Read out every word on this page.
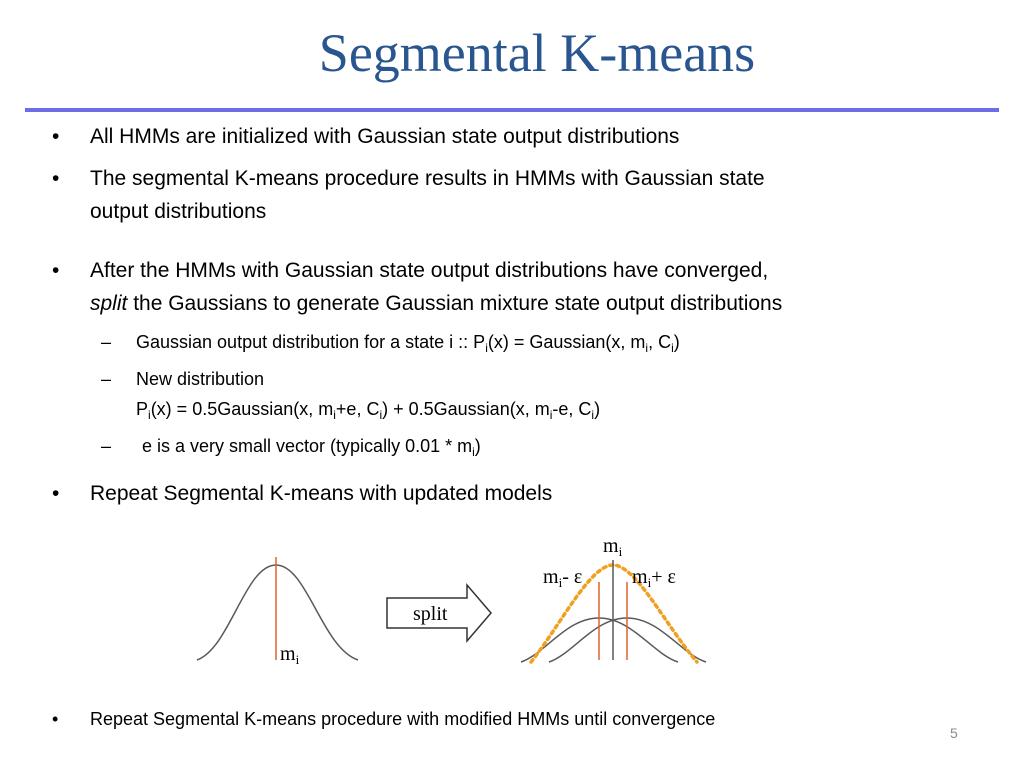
Segmental K-means
• All HMMs are initialized with Gaussian state output distributions
• The segmental K-means procedure results in HMMs with Gaussian state
output distributions
• After the HMMs with Gaussian state output distributions have converged,
split the Gaussians to generate Gaussian mixture state output distributions
– Gaussian output distribution for a state i :: $P_i(x)$ = Gaussian(x, $m_i$, $C_i$)
– New distribution
$P_i(x)$ = 0.5Gaussian(x, $m_i+e$, $C_i$) + 0.5Gaussian(x, $m_i-e$, $C_i$)
– e is a very small vector (typically $0.01 * m_i$)
• Repeat Segmental K-means with updated models
$m_i$
split
$m_i$
$m_i-$ ε $m_i+ \varepsilon$
• Repeat Segmental K-means procedure with modified HMMs until convergence
5
